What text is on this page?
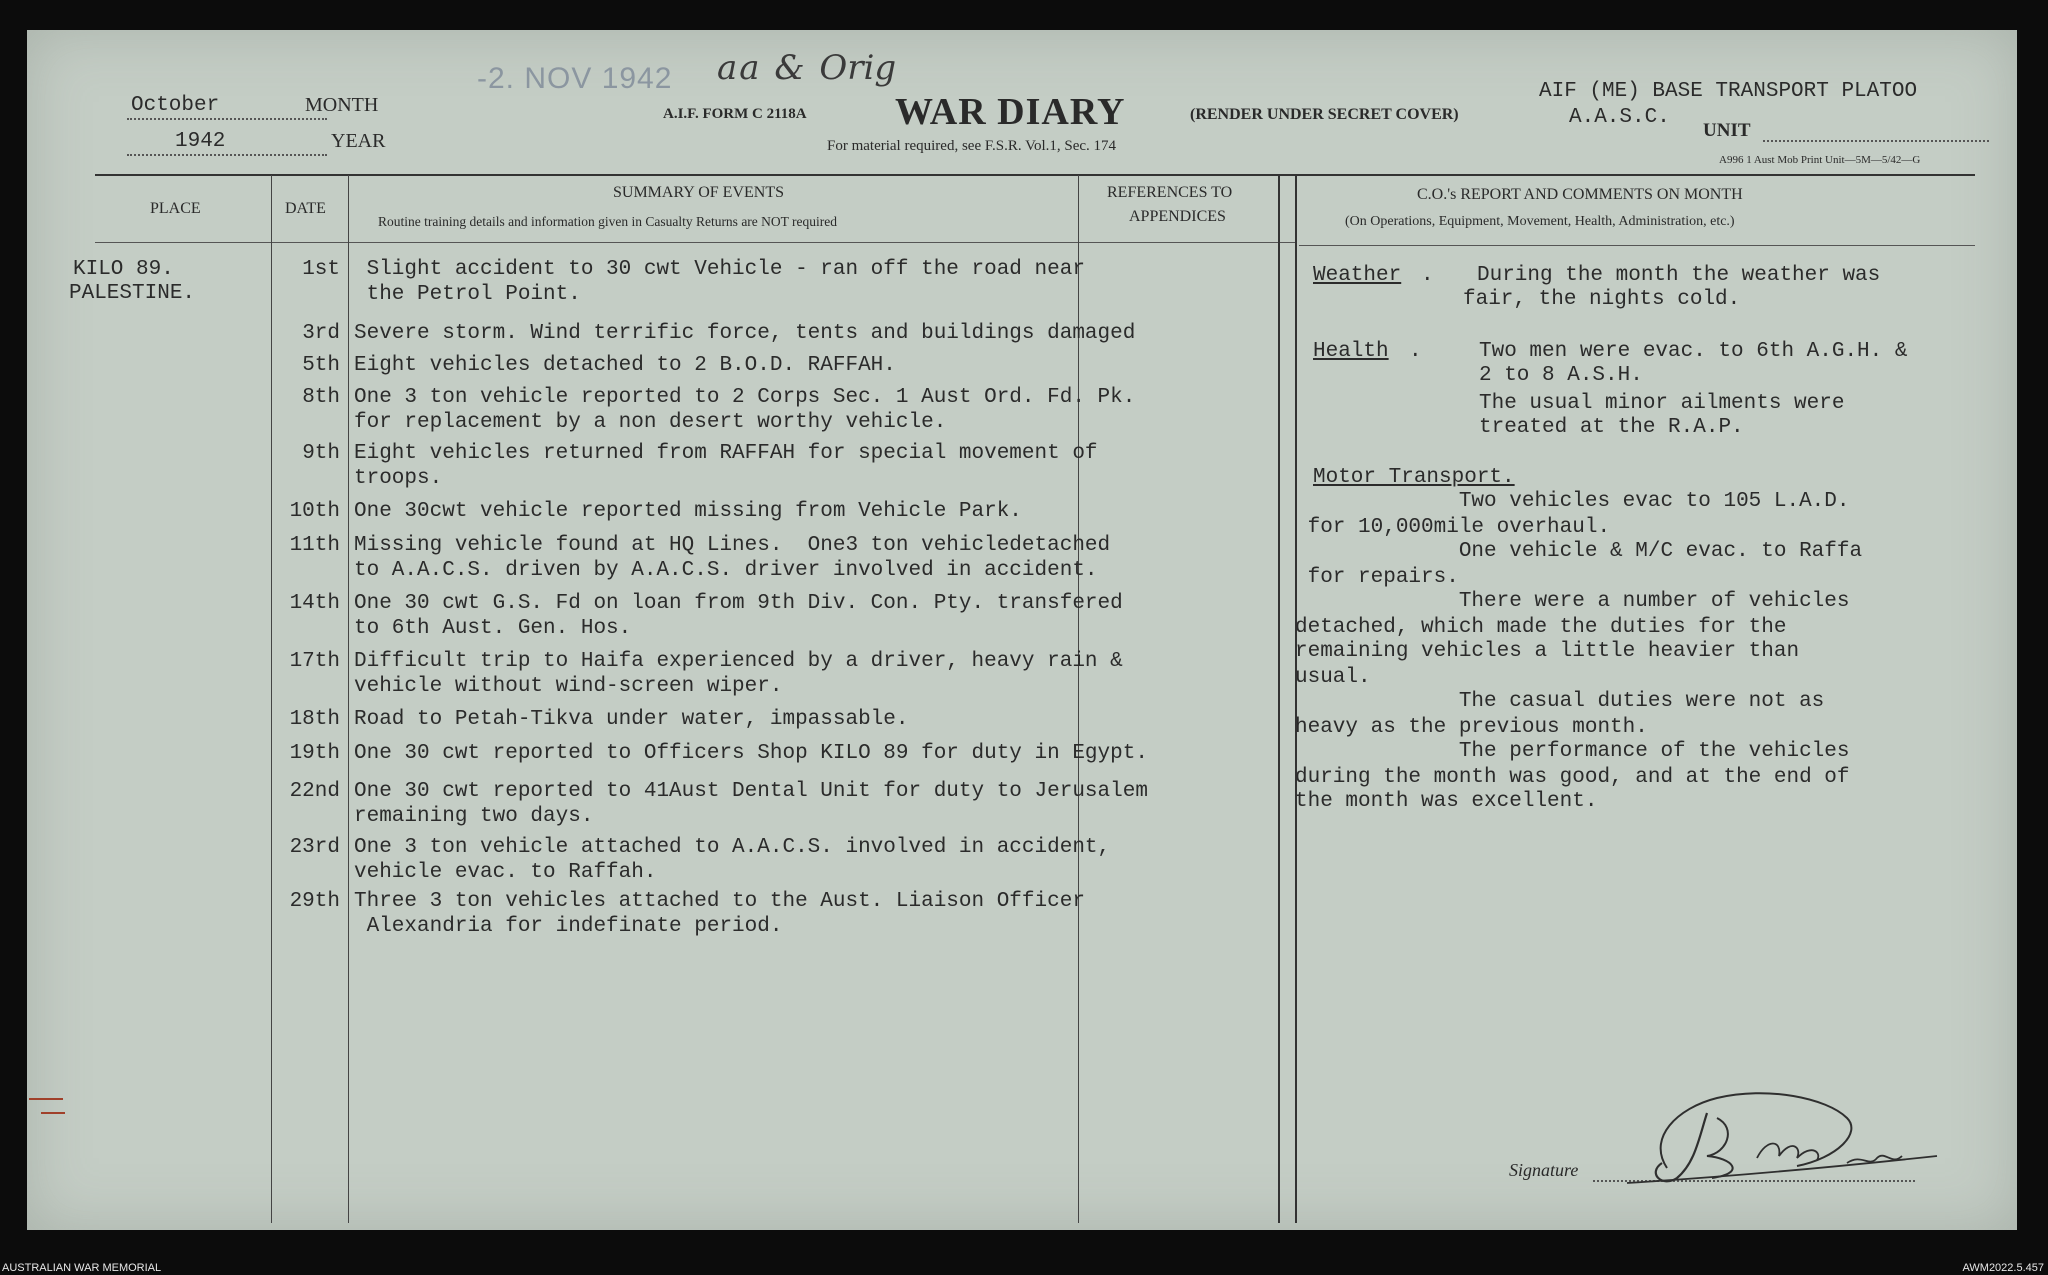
October	MONTH
1942	YEAR
-2. NOV 1942 aa & Orig
A.I.F. FORM C 2118A WAR DIARY	(RENDER UNDER SECRET COVER)
For material required, see F.S.R. Vol.1, Sec. 174
AIF (ME) BASE TRANSPORT PLATOO
A.A.S.C.
UNIT
A996 1 Aust Mob Print Unit—5M—5/42—G
PLACE	DATE
SUMMARY OF EVENTS
Routine training details and information given in Casualty Returns are NOT required
REFERENCES TO
APPENDICES
C.O.'s REPORT AND COMMENTS ON MONTH
(On Operations, Equipment, Movement, Health, Administration, etc.)
KILO 89.
PALESTINE.
1st Slight accident to 30 cwt Vehicle - ran off the road near
the Petrol Point.
3rd Severe storm. Wind terrific force, tents and buildings damaged
5th Eight vehicles detached to 2 B.O.D. RAFFAH.
8th One 3 ton vehicle reported to 2 Corps Sec. 1 Aust Ord. Fd. Pk.
for replacement by a non desert worthy vehicle.
9th Eight vehicles returned from RAFFAH for special movement of
troops.
10th One 30cwt vehicle reported missing from Vehicle Park.
11th Missing vehicle found at HQ Lines.  One3 ton vehicledetached
to A.A.C.S. driven by A.A.C.S. driver involved in accident.
14th One 30 cwt G.S. Fd on loan from 9th Div. Con. Pty. transfered
to 6th Aust. Gen. Hos.
17th Difficult trip to Haifa experienced by a driver, heavy rain &
vehicle without wind-screen wiper.
18th Road to Petah-Tikva under water, impassable.
19th One 30 cwt reported to Officers Shop KILO 89 for duty in Egypt.
22nd One 30 cwt reported to 41Aust Dental Unit for duty to Jerusalem
remaining two days.
23rd One 3 ton vehicle attached to A.A.C.S. involved in accident,
vehicle evac. to Raffah.
29th Three 3 ton vehicles attached to the Aust. Liaison Officer
Alexandria for indefinate period.
Weather . During the month the weather was
fair, the nights cold.
Health .	Two men were evac. to 6th A.G.H. &
2 to 8 A.S.H.
The usual minor ailments were
treated at the R.A.P.
Motor Transport.
Two vehicles evac to 105 L.A.D.
for 10,000mile overhaul.
One vehicle & M/C evac. to Raffa
for repairs.
There were a number of vehicles
detached, which made the duties for the
remaining vehicles a little heavier than
usual.
The casual duties were not as
heavy as the previous month.
The performance of the vehicles
during the month was good, and at the end of
the month was excellent.
Signature
AUSTRALIAN WAR MEMORIAL	AWM2022.5.457
